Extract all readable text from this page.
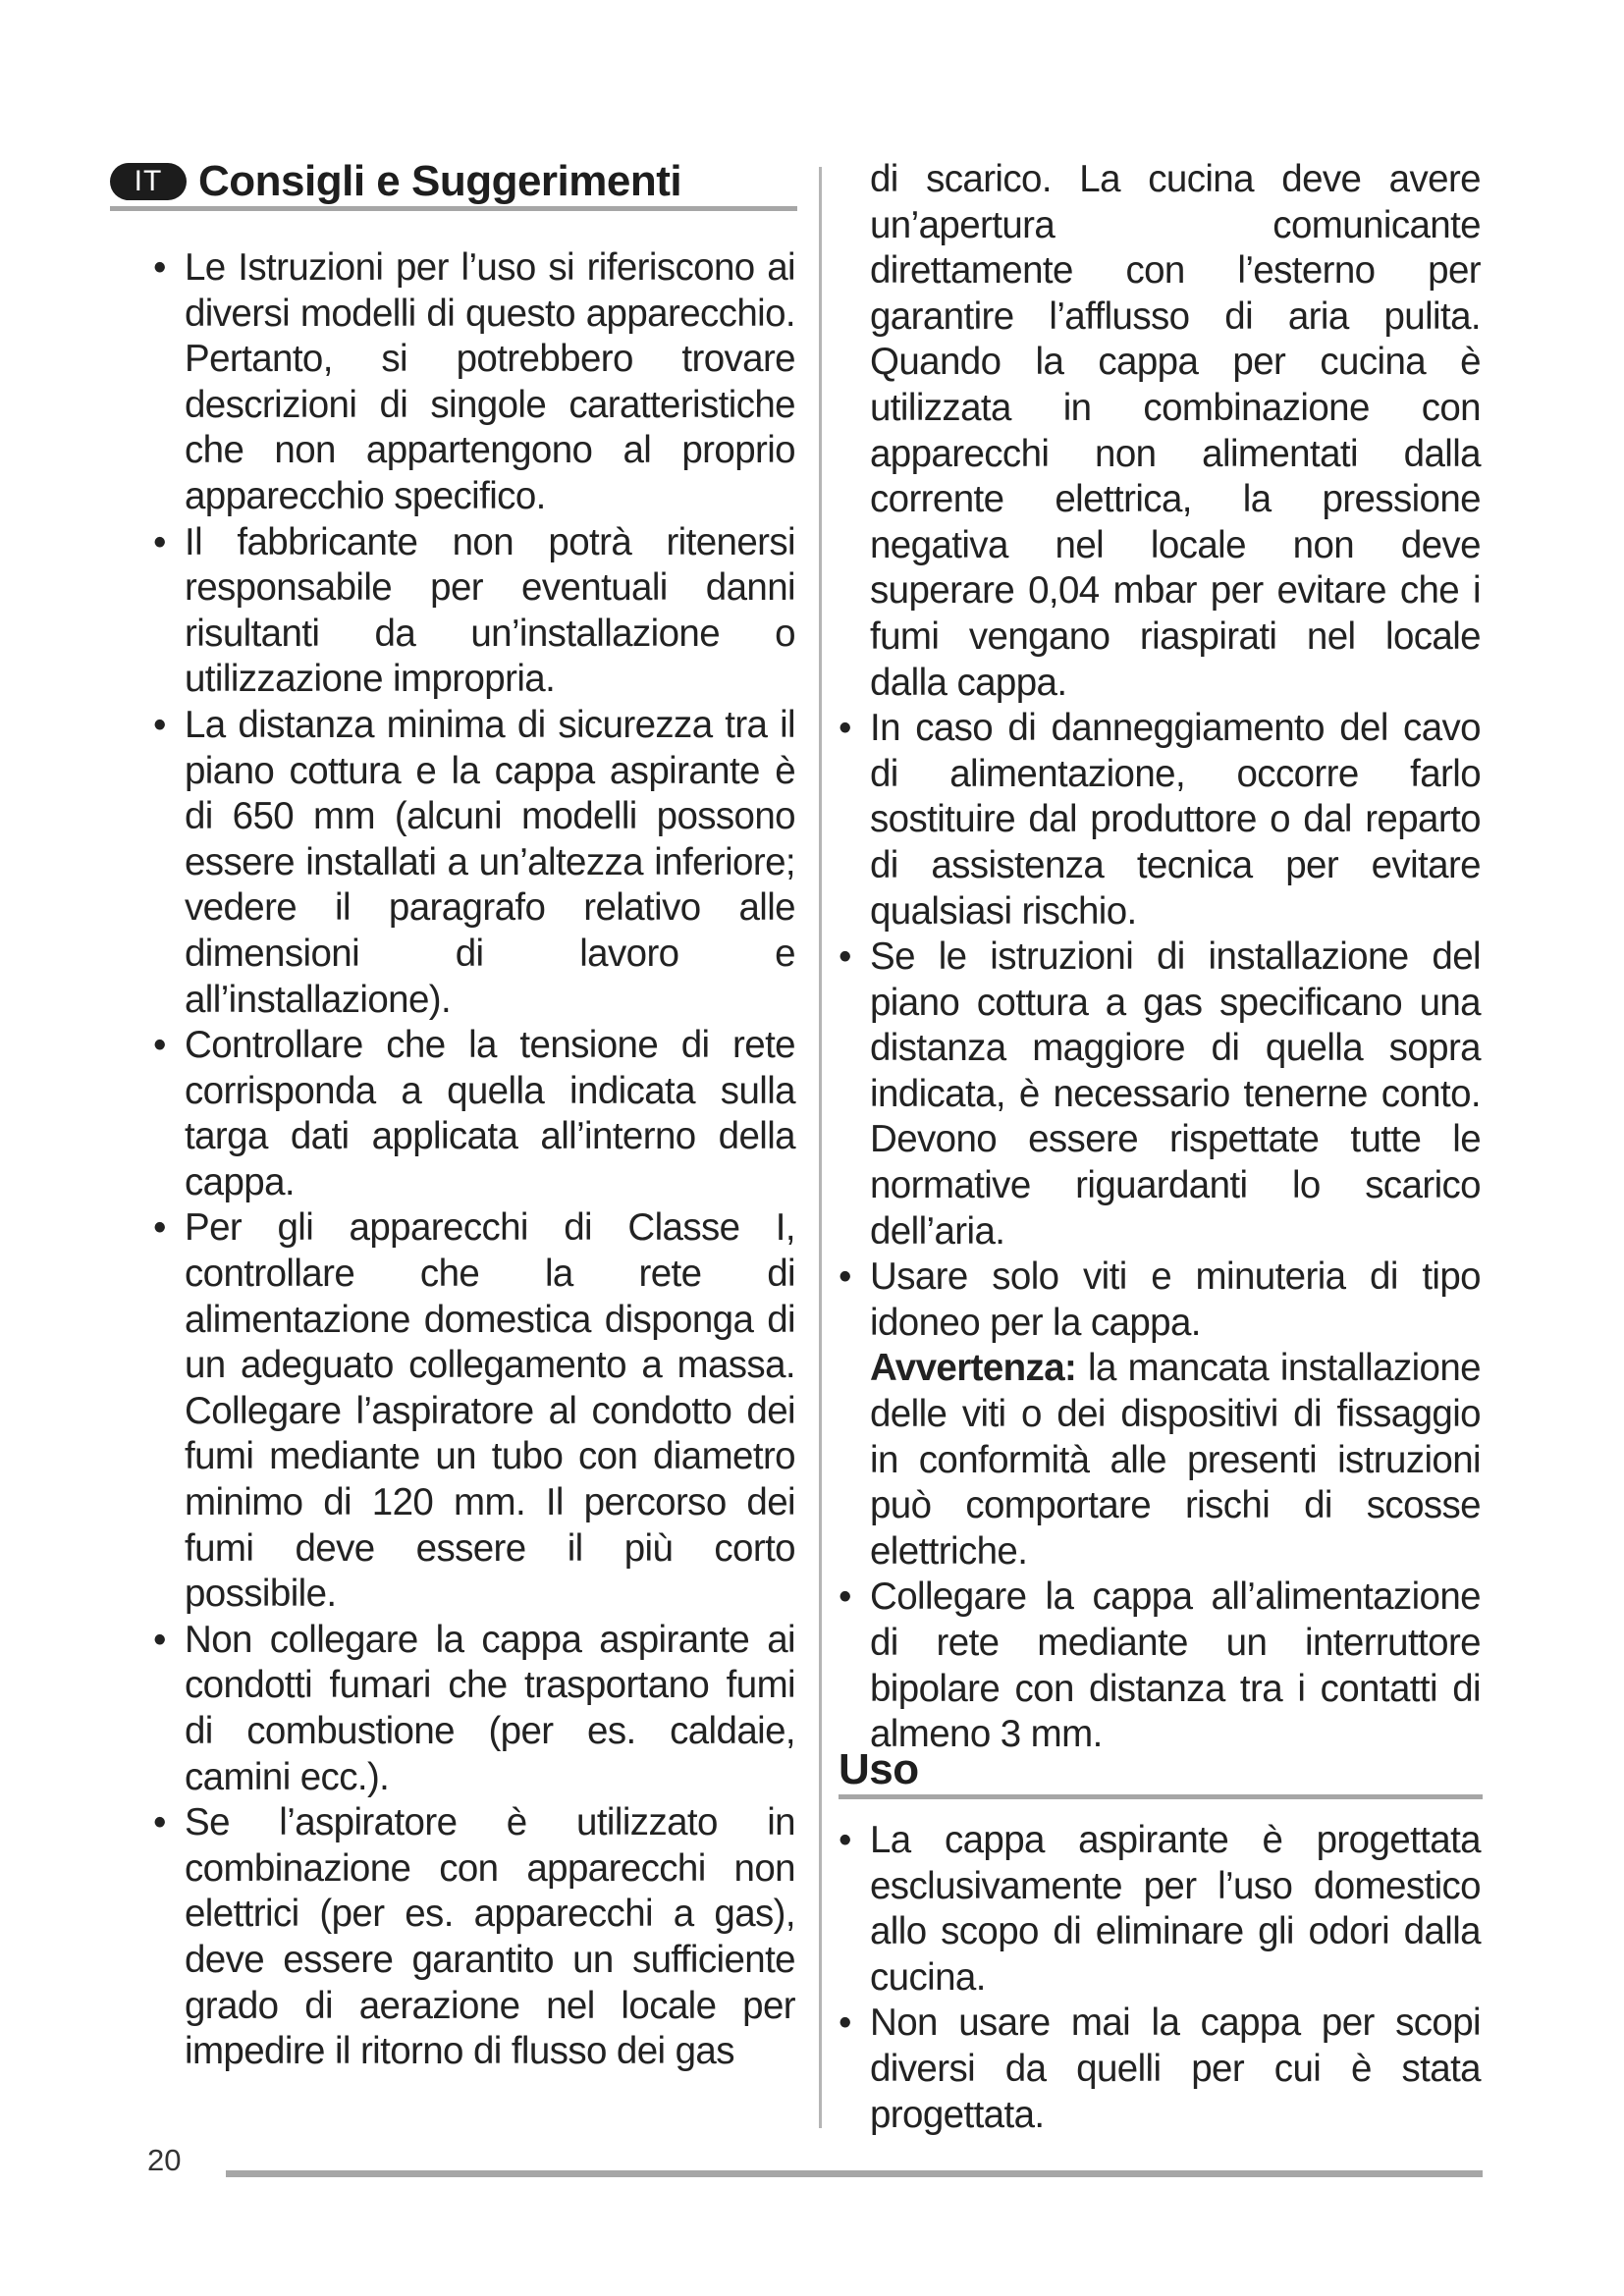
IT Consigli e Suggerimenti

• Le Istruzioni per l’uso si riferiscono ai diversi modelli di questo apparecchio. Pertanto, si potrebbero trovare descrizioni di singole caratteristiche che non appartengono al proprio apparecchio specifico.

• Il fabbricante non potrà ritenersi responsabile per eventuali danni risultanti da un’installazione o utilizzazione impropria.

• La distanza minima di sicurezza tra il piano cottura e la cappa aspirante è di 650 mm (alcuni modelli possono essere installati a un’altezza inferiore; vedere il paragrafo relativo alle dimensioni di lavoro e all’installazione).

• Controllare che la tensione di rete corrisponda a quella indicata sulla targa dati applicata all’interno della cappa.

• Per gli apparecchi di Classe I, controllare che la rete di alimentazione domestica disponga di un adeguato collegamento a massa. Collegare l’aspiratore al condotto dei fumi mediante un tubo con diametro minimo di 120 mm. Il percorso dei fumi deve essere il più corto possibile.

• Non collegare la cappa aspirante ai condotti fumari che trasportano fumi di combustione (per es. caldaie, camini ecc.).

• Se l’aspiratore è utilizzato in combinazione con apparecchi non elettrici (per es. apparecchi a gas), deve essere garantito un sufficiente grado di aerazione nel locale per impedire il ritorno di flusso dei gas

di scarico. La cucina deve avere un’apertura comunicante direttamente con l’esterno per garantire l’afflusso di aria pulita. Quando la cappa per cucina è utilizzata in combinazione con apparecchi non alimentati dalla corrente elettrica, la pressione negativa nel locale non deve superare 0,04 mbar per evitare che i fumi vengano riaspirati nel locale dalla cappa.

• In caso di danneggiamento del cavo di alimentazione, occorre farlo sostituire dal produttore o dal reparto di assistenza tecnica per evitare qualsiasi rischio.

• Se le istruzioni di installazione del piano cottura a gas specificano una distanza maggiore di quella sopra indicata, è necessario tenerne conto. Devono essere rispettate tutte le normative riguardanti lo scarico dell’aria.

• Usare solo viti e minuteria di tipo idoneo per la cappa.

Avvertenza: la mancata installazione delle viti o dei dispositivi di fissaggio in conformità alle presenti istruzioni può comportare rischi di scosse elettriche.

• Collegare la cappa all’alimentazione di rete mediante un interruttore bipolare con distanza tra i contatti di almeno 3 mm.

Uso

• La cappa aspirante è progettata esclusivamente per l’uso domestico allo scopo di eliminare gli odori dalla cucina.

• Non usare mai la cappa per scopi diversi da quelli per cui è stata progettata.

20
